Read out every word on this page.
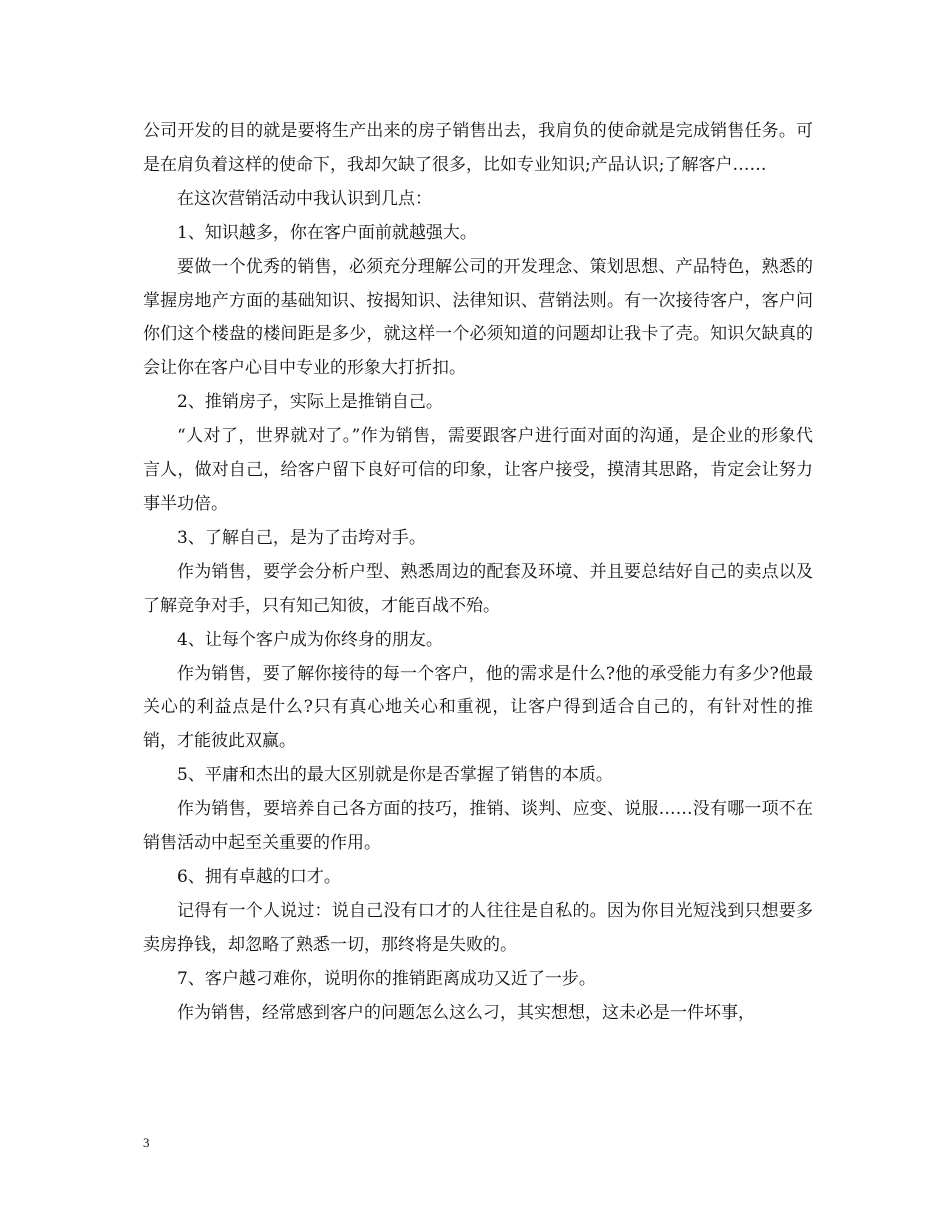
公司开发的目的就是要将生产出来的房子销售出去，我肩负的使命就是完成销售任务。可是在肩负着这样的使命下，我却欠缺了很多，比如专业知识;产品认识;了解客户……

在这次营销活动中我认识到几点：

1、知识越多，你在客户面前就越强大。

要做一个优秀的销售，必须充分理解公司的开发理念、策划思想、产品特色，熟悉的掌握房地产方面的基础知识、按揭知识、法律知识、营销法则。有一次接待客户，客户问你们这个楼盘的楼间距是多少，就这样一个必须知道的问题却让我卡了壳。知识欠缺真的会让你在客户心目中专业的形象大打折扣。

2、推销房子，实际上是推销自己。

“人对了，世界就对了。”作为销售，需要跟客户进行面对面的沟通，是企业的形象代言人，做对自己，给客户留下良好可信的印象，让客户接受，摸清其思路，肯定会让努力事半功倍。

3、了解自己，是为了击垮对手。

作为销售，要学会分析户型、熟悉周边的配套及环境、并且要总结好自己的卖点以及了解竞争对手，只有知己知彼，才能百战不殆。

4、让每个客户成为你终身的朋友。

作为销售，要了解你接待的每一个客户，他的需求是什么?他的承受能力有多少?他最关心的利益点是什么?只有真心地关心和重视，让客户得到适合自己的，有针对性的推销，才能彼此双赢。

5、平庸和杰出的最大区别就是你是否掌握了销售的本质。

作为销售，要培养自己各方面的技巧，推销、谈判、应变、说服……没有哪一项不在销售活动中起至关重要的作用。

6、拥有卓越的口才。

记得有一个人说过：说自己没有口才的人往往是自私的。因为你目光短浅到只想要多卖房挣钱，却忽略了熟悉一切，那终将是失败的。

7、客户越刁难你，说明你的推销距离成功又近了一步。

作为销售，经常感到客户的问题怎么这么刁，其实想想，这未必是一件坏事，

3
